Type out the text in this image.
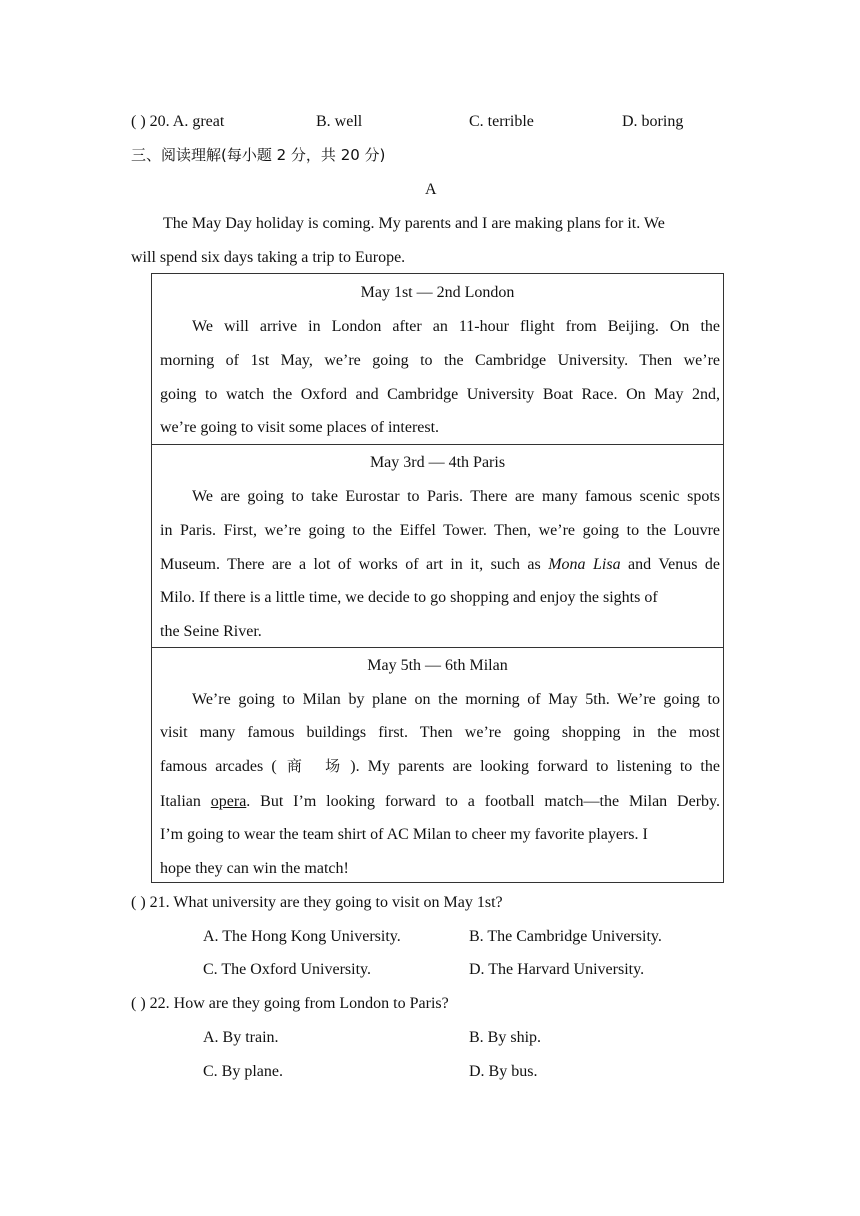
( ) 20. A. great	B. well	C. terrible	D. boring
三、阅读理解(每小题 2 分，共 20 分)
A
The May Day holiday is coming. My parents and I are making plans for it. We
will spend six days taking a trip to Europe.
May 1st — 2nd London
We will arrive in London after an 11-hour flight from Beijing. On the
morning of 1st May, we’re going to the Cambridge University. Then we’re
going to watch the Oxford and Cambridge University Boat Race. On May 2nd,
we’re going to visit some places of interest.
May 3rd — 4th Paris
We are going to take Eurostar to Paris. There are many famous scenic spots
in Paris. First, we’re going to the Eiffel Tower. Then, we’re going to the Louvre
Museum. There are a lot of works of art in it, such as Mona Lisa and Venus de
Milo. If there is a little time, we decide to go shopping and enjoy the sights of
the Seine River.
May 5th — 6th Milan
We’re going to Milan by plane on the morning of May 5th. We’re going to
visit many famous buildings first. Then we’re going shopping in the most
famous arcades ( 商　场 ). My parents are looking forward to listening to the
Italian opera. But I’m looking forward to a football match—the Milan Derby.
I’m going to wear the team shirt of AC Milan to cheer my favorite players. I
hope they can win the match!
( ) 21. What university are they going to visit on May 1st?
A. The Hong Kong University.	B. The Cambridge University.
C. The Oxford University.	D. The Harvard University.
( ) 22. How are they going from London to Paris?
A. By train.	B. By ship.
C. By plane.	D. By bus.
